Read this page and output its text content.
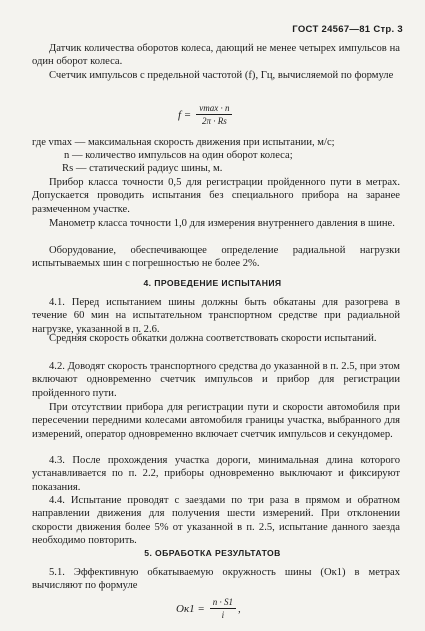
ГОСТ 24567—81 Стр. 3
Датчик количества оборотов колеса, дающий не менее четырех импульсов на один оборот колеса.
Счетчик импульсов с предельной частотой (f), Гц, вычисляемой по формуле
$f = \frac{vmax \cdot n}{2\pi \cdot Rs}$
где vmax — максимальная скорость движения при испытании, м/с;
n — количество импульсов на один оборот колеса;
Rs — статический радиус шины, м.
Прибор класса точности 0,5 для регистрации пройденного пути в метрах. Допускается проводить испытания без специального прибора на заранее размеченном участке.
Манометр класса точности 1,0 для измерения внутреннего давления в шине.
Оборудование, обеспечивающее определение радиальной нагрузки испытываемых шин с погрешностью не более 2%.
4. ПРОВЕДЕНИЕ ИСПЫТАНИЯ
4.1. Перед испытанием шины должны быть обкатаны для разогрева в течение 60 мин на испытательном транспортном средстве при радиальной нагрузке, указанной в п. 2.6.
Средняя скорость обкатки должна соответствовать скорости испытаний.
4.2. Доводят скорость транспортного средства до указанной в п. 2.5, при этом включают одновременно счетчик импульсов и прибор для регистрации пройденного пути.
При отсутствии прибора для регистрации пути и скорости автомобиля при пересечении передними колесами автомобиля границы участка, выбранного для измерений, оператор одновременно включает счетчик импульсов и секундомер.
4.3. После прохождения участка дороги, минимальная длина которого устанавливается по п. 2.2, приборы одновременно выключают и фиксируют показания.
4.4. Испытание проводят с заездами по три раза в прямом и обратном направлении движения для получения шести измерений. При отклонении скорости движения более 5% от указанной в п. 2.5, испытание данного заезда необходимо повторить.
5. ОБРАБОТКА РЕЗУЛЬТАТОВ
5.1. Эффективную обкатываемую окружность шины (Oк1) в метрах вычисляют по формуле
$Oк1 = \frac{n \cdot S1}{i}$ ,
